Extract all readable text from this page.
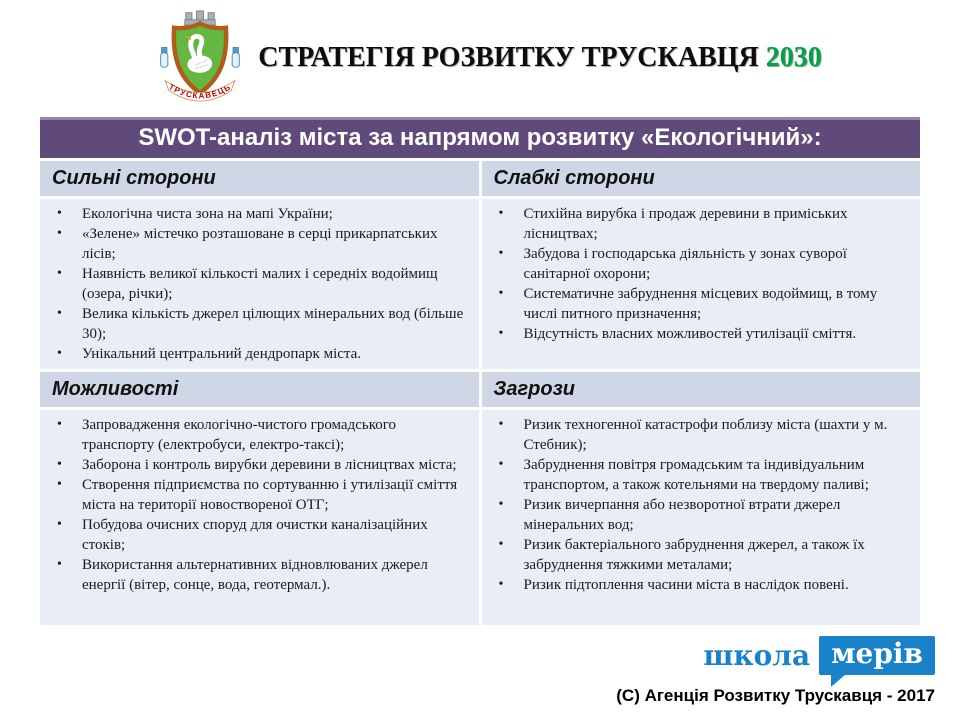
ТРУСКАВЕЦЬ
СТРАТЕГІЯ РОЗВИТКУ ТРУСКАВЦЯ 2030
SWOT-аналіз міста за напрямом розвитку «Екологічний»:
Сильні сторони	Слабкі сторони
• Екологічна чиста зона на мапі України;
• «Зелене» містечко розташоване в серці прикарпатських лісів;
• Наявність великої кількості малих і середніх водоймищ (озера, річки);
• Велика кількість джерел цілющих мінеральних вод (більше 30);
• Унікальний центральний дендропарк міста.
• Стихійна вирубка і продаж деревини в приміських лісництвах;
• Забудова і господарська діяльність у зонах суворої санітарної охорони;
• Систематичне забруднення місцевих водоймищ, в тому числі питного призначення;
• Відсутність власних можливостей утилізації сміття.
Можливості	Загрози
• Запровадження екологічно-чистого громадського транспорту (електробуси, електро-таксі);
• Заборона і контроль вирубки деревини в лісництвах міста;
• Створення підприємства по сортуванню і утилізації сміття міста на території новоствореної ОТГ;
• Побудова очисних споруд для очистки каналізаційних стоків;
• Використання альтернативних відновлюваних джерел енергії (вітер, сонце, вода, геотермал.).
• Ризик техногенної катастрофи поблизу міста (шахти у м. Стебник);
• Забруднення повітря громадським та індивідуальним транспортом, а також котельнями на твердому паливі;
• Ризик вичерпання або незворотної втрати джерел мінеральних вод;
• Ризик бактеріального забруднення джерел, а також їх забруднення тяжкими металами;
• Ризик підтоплення часини міста в наслідок повені.
школа мерів
(С) Агенція Розвитку Трускавця - 2017
